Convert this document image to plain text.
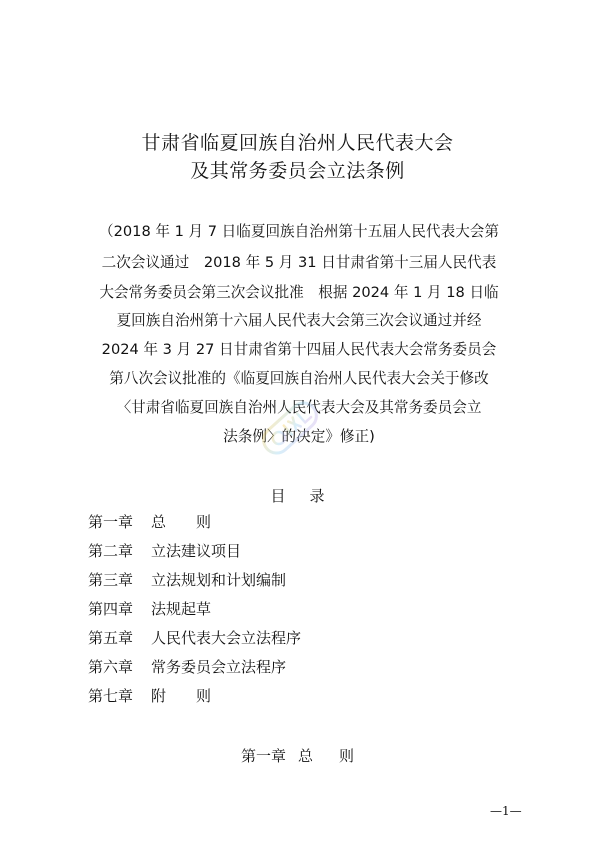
甘肃省临夏回族自治州人民代表大会
及其常务委员会立法条例
（2018 年 1 月 7 日临夏回族自治州第十五届人民代表大会第
二次会议通过　2018 年 5 月 31 日甘肃省第十三届人民代表
大会常务委员会第三次会议批准　根据 2024 年 1 月 18 日临
夏回族自治州第十六届人民代表大会第三次会议通过并经
2024 年 3 月 27 日甘肃省第十四届人民代表大会常务委员会
第八次会议批准的《临夏回族自治州人民代表大会关于修改
〈甘肃省临夏回族自治州人民代表大会及其常务委员会立
法条例〉的决定》修正)
目 录
第一章 总　　则
第二章 立法建议项目
第三章 立法规划和计划编制
第四章 法规起草
第五章 人民代表大会立法程序
第六章 常务委员会立法程序
第七章 附　　则
第一章 总 则
—1—
